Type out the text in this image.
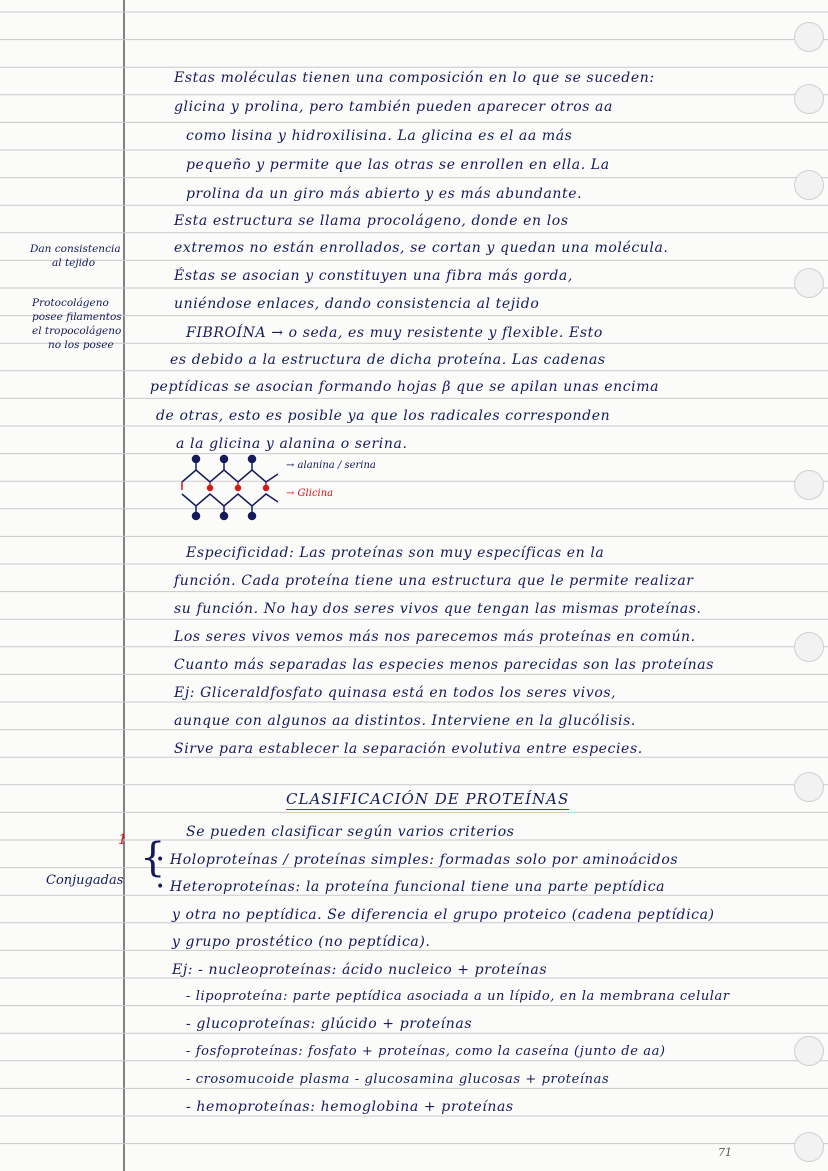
Estas moléculas tienen una composición en lo que se suceden:
glicina y prolina, pero también pueden aparecer otros aa
como lisina y hidroxilisina. La glicina es el aa más
pequeño y permite que las otras se enrollen en ella. La
prolina da un giro más abierto y es más abundante.
Esta estructura se llama procolágeno, donde en los
extremos no están enrollados, se cortan y quedan una molécula.
Éstas se asocian y constituyen una fibra más gorda,
uniéndose enlaces, dando consistencia al tejido
FIBROÍNA → o seda, es muy resistente y flexible. Esto
es debido a la estructura de dicha proteína. Las cadenas
peptídicas se asocian formando hojas β que se apilan unas encima
de otras, esto es posible ya que los radicales corresponden
a la glicina y alanina o serina.
Dan consistencia
al tejido
Protocolágeno
posee filamentos
el tropocolágeno
no los posee
→ alanina / serina
→ Glicina
Especificidad: Las proteínas son muy específicas en la
función. Cada proteína tiene una estructura que le permite realizar
su función. No hay dos seres vivos que tengan las mismas proteínas.
Los seres vivos vemos más nos parecemos más proteínas en común.
Cuanto más separadas las especies menos parecidas son las proteínas
Ej: Gliceraldfosfato quinasa está en todos los seres vivos,
aunque con algunos aa distintos. Interviene en la glucólisis.
Sirve para establecer la separación evolutiva entre especies.
CLASIFICACIÓN DE PROTEÍNAS
Se pueden clasificar según varios criterios
1
Conjugadas {
• Holoproteínas / proteínas simples: formadas solo por aminoácidos
• Heteroproteínas: la proteína funcional tiene una parte peptídica
y otra no peptídica. Se diferencia el grupo proteico (cadena peptídica)
y grupo prostético (no peptídica).
Ej: - nucleoproteínas: ácido nucleico + proteínas
- lipoproteína: parte peptídica asociada a un lípido, en la membrana celular
- glucoproteínas: glúcido + proteínas
- fosfoproteínas: fosfato + proteínas, como la caseína (junto de aa)
- crosomucoide plasma - glucosamina glucosas + proteínas
- hemoproteínas: hemoglobina + proteínas
71
